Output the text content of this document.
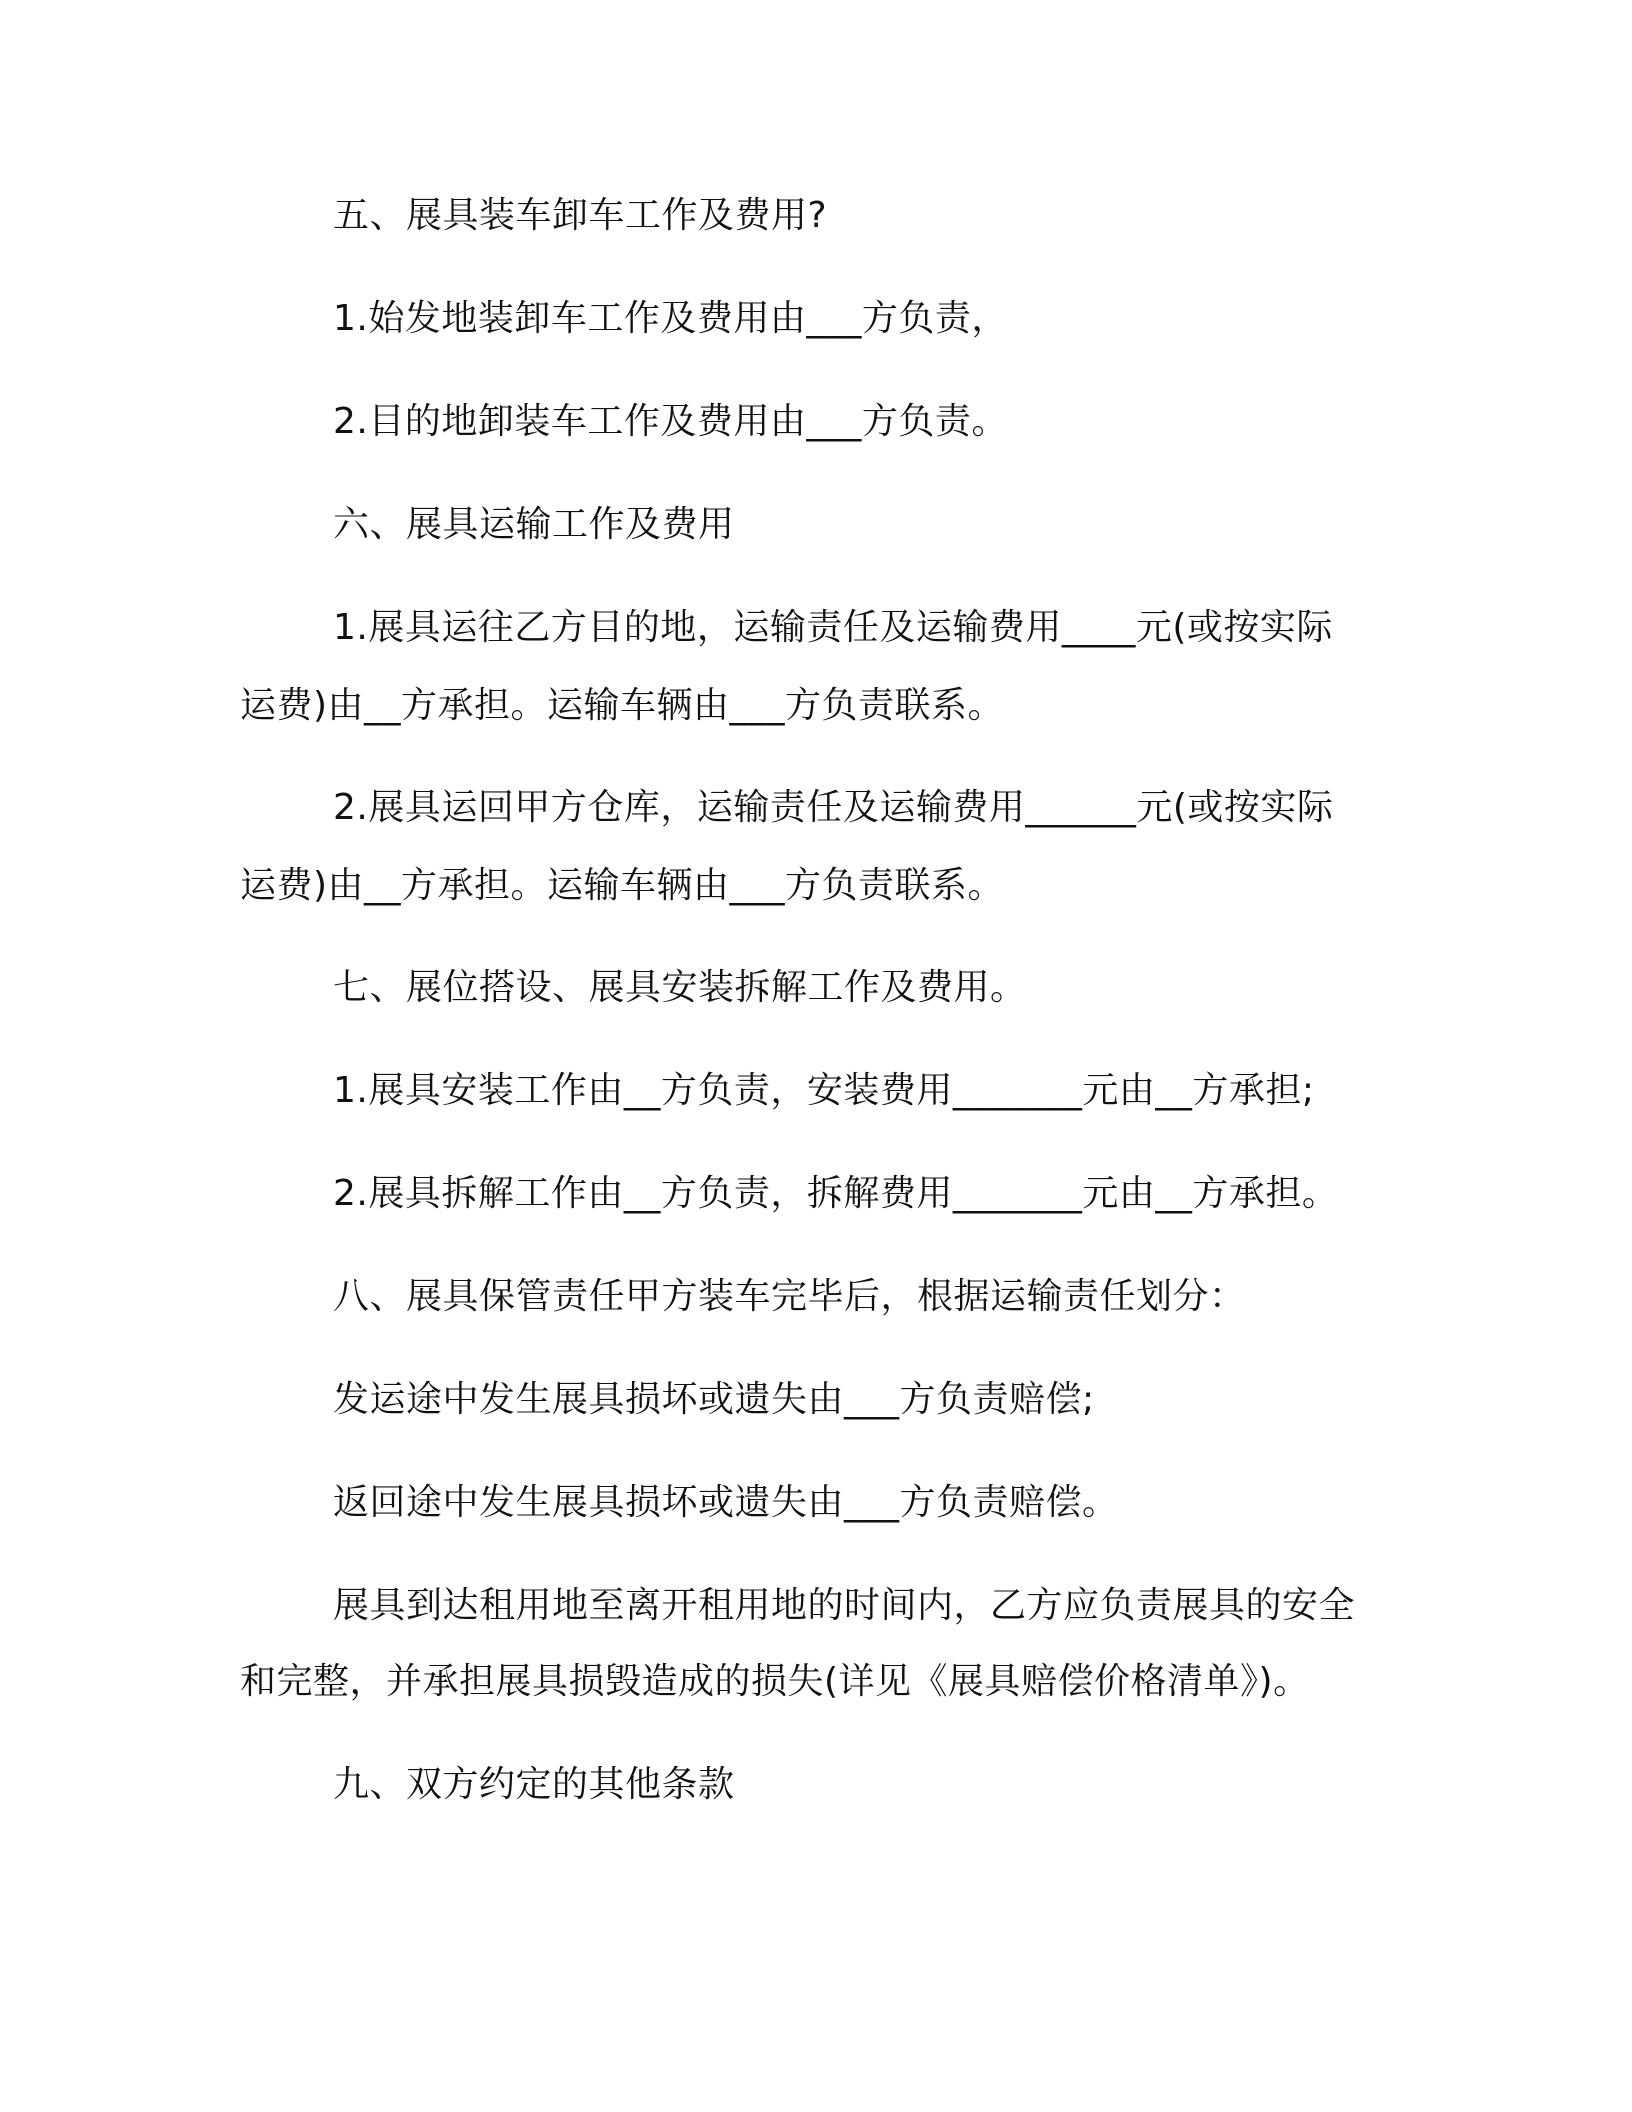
五、展具装车卸车工作及费用?

1.始发地装卸车工作及费用由___方负责，

2.目的地卸装车工作及费用由___方负责。

六、展具运输工作及费用

1.展具运往乙方目的地，运输责任及运输费用____元(或按实际

运费)由__方承担。运输车辆由___方负责联系。

2.展具运回甲方仓库，运输责任及运输费用______元(或按实际

运费)由__方承担。运输车辆由___方负责联系。

七、展位搭设、展具安装拆解工作及费用。

1.展具安装工作由__方负责，安装费用_______元由__方承担;

2.展具拆解工作由__方负责，拆解费用_______元由__方承担。

八、展具保管责任甲方装车完毕后，根据运输责任划分：

发运途中发生展具损坏或遗失由___方负责赔偿;

返回途中发生展具损坏或遗失由___方负责赔偿。

展具到达租用地至离开租用地的时间内，乙方应负责展具的安全

和完整，并承担展具损毁造成的损失(详见《展具赔偿价格清单》)。

九、双方约定的其他条款
